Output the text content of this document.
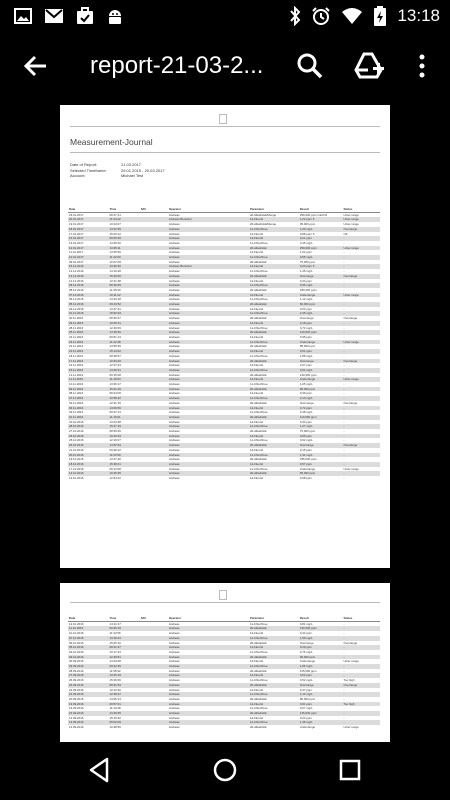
13:18
report-21-03-2...
Measurement-Journal
Date of Report:	21.03.2017
Selected Timeframe:	29.01.2015 - 20.03.2017
Account:	Michael Test
Date	Time	S/N	Operator	Parameter	Result	Status
23.01.2017	08:47:41		Andreas	20-Alkalinität/Menge	250,000 ppm CaCO3	Unter range
20.01.2017	11:34:22		Andreas Benutzer	14-Fluorid	1,22 ppm F	Unter range
19.01.2017	10:24:07		Andreas	20-Alkalinität/Menge	95,000 ppm	Unter range
18.01.2017	13:31:55		Andreas	11-Chlor/Free	1,00 mg/L	Overrange
17.01.2017	15:00:12		Andreas	14-Fluorid	0,88 ppm F	OK
16.01.2017	09:05:29		Andreas	14-Fluorid	0,21 ppm	-
13.01.2017	14:45:20		Andreas	11-Chlor/Free	3,45 mg/L	-
12.01.2017	13:25:11		Andreas	20-Alkalinität	250,000 ppm	Unter range
11.01.2017	13:55:56		Andreas	14-Fluorid	1,02 ppm	-
10.01.2017	11:42:00		Andreas	11-Chlor/Free	0,55 mg/L	-
09.01.2017	16:07:09		Andreas	20-Alkalinität	75,000 ppm	-
15.12.2016	10:29:40		Andreas Benutzer	14-Fluorid	0,23 ppm F	-
14.12.2016	14:16:28		Andreas	11-Chlor/Free	1,45 mg/L	-
13.12.2016	15:30:06		Andreas	20-Alkalinität	Overrange	Overrange
12.12.2016	12:21:38		Andreas	14-Fluorid	0,44 ppm	-
09.12.2016	08:20:09		Andreas	11-Chlor/Free	0,96 mg/L	-
08.12.2016	11:45:30		Andreas	20-Alkalinität	180,000 ppm	-
07.12.2016	10:11:22		Andreas	14-Fluorid	Underrange	Unter range
06.12.2016	14:33:18		Andreas	11-Chlor/Free	1,12 mg/L	-
05.12.2016	09:44:52		Andreas	20-Alkalinität	60,000 ppm	-
02.12.2016	13:27:41		Andreas	14-Fluorid	0,62 ppm	-
01.12.2016	15:52:03		Andreas	11-Chlor/Free	2,35 mg/L	-
30.11.2016	08:36:47		Andreas	20-Alkalinität	Overrange	Overrange
29.11.2016	10:05:31		Andreas	14-Fluorid	0,18 ppm	-
28.11.2016	12:40:09		Andreas	11-Chlor/Free	0,73 mg/L	-
25.11.2016	14:18:26		Andreas	20-Alkalinität	120,000 ppm	-
24.11.2016	09:51:13		Andreas	14-Fluorid	0,95 ppm	-
23.11.2016	11:22:48		Andreas	11-Chlor/Free	Underrange	Unter range
22.11.2016	13:59:35		Andreas	20-Alkalinität	85,000 ppm	-
21.11.2016	15:14:02		Andreas	14-Fluorid	0,51 ppm	-
18.11.2016	08:48:57		Andreas	11-Chlor/Free	1,88 mg/L	-
17.11.2016	10:33:20		Andreas	20-Alkalinität	Overrange	Overrange
16.11.2016	12:07:44		Andreas	14-Fluorid	0,27 ppm	-
15.11.2016	14:26:31		Andreas	11-Chlor/Free	0,64 mg/L	-
14.11.2016	09:15:08		Andreas	20-Alkalinität	140,000 ppm	-
11.11.2016	11:49:53		Andreas	14-Fluorid	Underrange	Unter range
10.11.2016	13:36:17		Andreas	11-Chlor/Free	1,05 mg/L	-
09.11.2016	15:41:29		Andreas	20-Alkalinität	95,000 ppm	-
08.11.2016	08:24:06		Andreas	14-Fluorid	0,39 ppm	-
07.11.2016	10:58:42		Andreas	11-Chlor/Free	2,10 mg/L	-
04.11.2016	12:31:15		Andreas	20-Alkalinität	Overrange	Overrange
03.11.2016	14:09:50		Andreas	14-Fluorid	0,72 ppm	-
02.11.2016	09:37:24		Andreas	11-Chlor/Free	0,48 mg/L	-
01.11.2016	11:16:01		Andreas	20-Alkalinität	110,000 ppm	-
31.10.2016	13:44:38		Andreas	14-Fluorid	0,33 ppm	-
28.10.2016	15:27:19		Andreas	11-Chlor/Free	1,67 mg/L	-
27.10.2016	08:59:46		Andreas	20-Alkalinität	70,000 ppm	-
26.10.2016	10:40:33		Andreas	14-Fluorid	0,86 ppm	-
25.10.2016	12:19:07		Andreas	11-Chlor/Free	0,92 mg/L	-
24.10.2016	14:52:54		Andreas	20-Alkalinität	Overrange	Overrange
21.10.2016	09:28:12		Andreas	14-Fluorid	0,15 ppm	-
20.10.2016	11:03:59		Andreas	11-Chlor/Free	1,31 mg/L	-
19.10.2016	13:47:26		Andreas	20-Alkalinität	155,000 ppm	-
18.10.2016	15:38:41		Andreas	14-Fluorid	0,57 ppm	-
17.10.2016	08:13:08		Andreas	11-Chlor/Free	Underrange	Unter range
14.10.2016	10:26:35		Andreas	20-Alkalinität	65,000 ppm	-
13.10.2016	12:54:22		Andreas	14-Fluorid	0,68 ppm	-
Date	Time	S/N	Operator	Parameter	Result	Status
12.10.2016	14:21:47		Andreas	11-Chlor/Free	0,81 mg/L	-
11.10.2016	09:46:19		Andreas	20-Alkalinität	130,000 ppm	-
10.10.2016	11:32:56		Andreas	14-Fluorid	0,44 ppm	-
07.10.2016	13:18:43		Andreas	11-Chlor/Free	1,59 mg/L	-
06.10.2016	15:05:10		Andreas	20-Alkalinität	Overrange	Overrange
05.10.2016	08:41:37		Andreas	14-Fluorid	0,29 ppm	-
04.10.2016	10:17:24		Andreas	11-Chlor/Free	0,76 mg/L	-
03.10.2016	12:49:51		Andreas	20-Alkalinität	90,000 ppm	-
30.09.2016	14:34:08		Andreas	14-Fluorid	Underrange	Unter range
29.09.2016	09:22:45		Andreas	11-Chlor/Free	1,96 mg/L	-
28.09.2016	11:58:32		Andreas	20-Alkalinität	115,000 ppm	-
27.09.2016	13:25:19		Andreas	14-Fluorid	0,63 ppm	-
26.09.2016	15:46:06		Andreas	11-Chlor/Free	0,52 mg/L	Too high
23.09.2016	08:31:53		Andreas	20-Alkalinität	Overrange	Overrange
22.09.2016	10:12:40		Andreas	14-Fluorid	0,37 ppm	-
21.09.2016	12:38:27		Andreas	11-Chlor/Free	1,14 mg/L	-
20.09.2016	14:05:14		Andreas	20-Alkalinität	80,000 ppm	-
19.09.2016	09:57:01		Andreas	14-Fluorid	0,91 ppm	Too high
16.09.2016	11:43:48		Andreas	11-Chlor/Free	0,67 mg/L	-
15.09.2016	13:29:35		Andreas	20-Alkalinität	145,000 ppm	-
14.09.2016	15:16:22		Andreas	14-Fluorid	0,24 ppm	-
13.09.2016	08:02:09		Andreas	11-Chlor/Free	1,38 mg/L	-
12.09.2016	10:48:56		Andreas	20-Alkalinität	Underrange	Unter range
